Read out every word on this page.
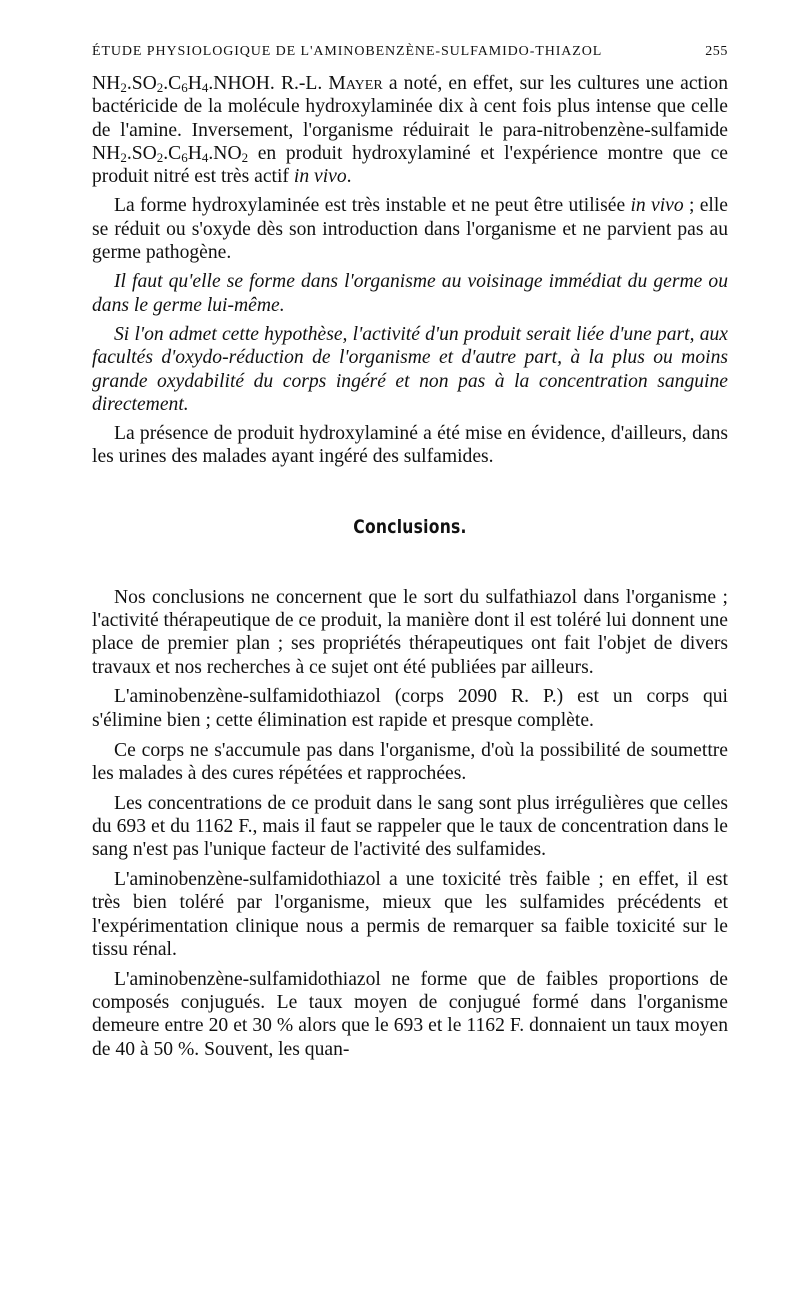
ÉTUDE PHYSIOLOGIQUE DE L'AMINOBENZÈNE-SULFAMIDO-THIAZOL	255

$NH_2.SO_2.C_6H_4.NHOH$. R.-L. Mayer a noté, en effet, sur les cultures une action bactéricide de la molécule hydroxylaminée dix à cent fois plus intense que celle de l'amine. Inversement, l'organisme réduirait le para-nitrobenzène-sulfamide $NH_2.SO_2.C_6H_4.NO_2$ en produit hydroxylaminé et l'expérience montre que ce produit nitré est très actif in vivo.

La forme hydroxylaminée est très instable et ne peut être utilisée in vivo ; elle se réduit ou s'oxyde dès son introduction dans l'organisme et ne parvient pas au germe pathogène.

Il faut qu'elle se forme dans l'organisme au voisinage immédiat du germe ou dans le germe lui-même.

Si l'on admet cette hypothèse, l'activité d'un produit serait liée d'une part, aux facultés d'oxydo-réduction de l'organisme et d'autre part, à la plus ou moins grande oxydabilité du corps ingéré et non pas à la concentration sanguine directement.

La présence de produit hydroxylaminé a été mise en évidence, d'ailleurs, dans les urines des malades ayant ingéré des sulfamides.

Conclusions.

Nos conclusions ne concernent que le sort du sulfathiazol dans l'organisme ; l'activité thérapeutique de ce produit, la manière dont il est toléré lui donnent une place de premier plan ; ses propriétés thérapeutiques ont fait l'objet de divers travaux et nos recherches à ce sujet ont été publiées par ailleurs.

L'aminobenzène-sulfamidothiazol (corps 2090 R. P.) est un corps qui s'élimine bien ; cette élimination est rapide et presque complète.

Ce corps ne s'accumule pas dans l'organisme, d'où la possibilité de soumettre les malades à des cures répétées et rapprochées.

Les concentrations de ce produit dans le sang sont plus irrégulières que celles du 693 et du 1162 F., mais il faut se rappeler que le taux de concentration dans le sang n'est pas l'unique facteur de l'activité des sulfamides.

L'aminobenzène-sulfamidothiazol a une toxicité très faible ; en effet, il est très bien toléré par l'organisme, mieux que les sulfamides précédents et l'expérimentation clinique nous a permis de remarquer sa faible toxicité sur le tissu rénal.

L'aminobenzène-sulfamidothiazol ne forme que de faibles proportions de composés conjugués. Le taux moyen de conjugué formé dans l'organisme demeure entre 20 et 30 % alors que le 693 et le 1162 F. donnaient un taux moyen de 40 à 50 %. Souvent, les quan-
